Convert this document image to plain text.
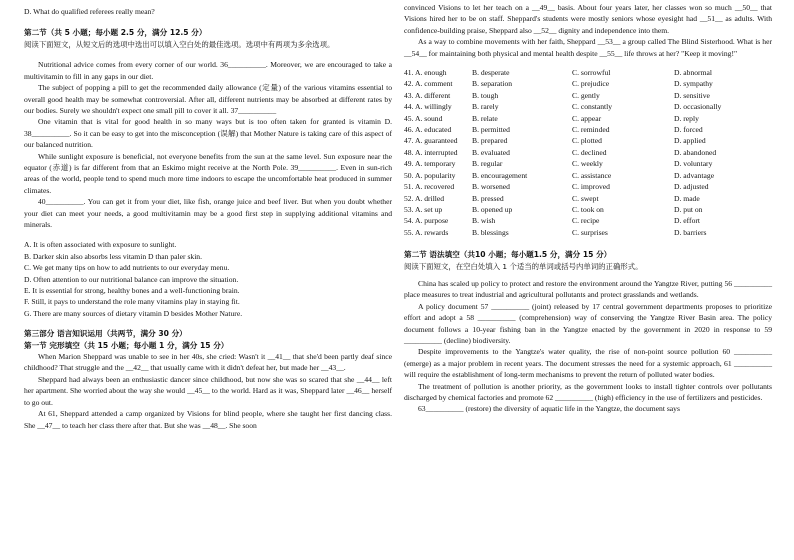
D. What do qualified referees really mean?

第二节（共 5 小题；每小题 2.5 分，满分 12.5 分）

阅读下面短文，从短文后的选项中选出可以填入空白处的最佳选项。选项中有两项为多余选项。

Nutritional advice comes from every corner of our world. 36__________. Moreover, we are encouraged to take a multivitamin to fill in any gaps in our diet.

The subject of popping a pill to get the recommended daily allowance (定量) of the various vitamins essential to overall good health may be somewhat controversial. After all, different nutrients may be absorbed at different rates by our bodies. Surely we shouldn't expect one small pill to cover it all. 37__________

One vitamin that is vital for good health in so many ways but is too often taken for granted is vitamin D. 38__________. So it can be easy to get into the misconception (误解) that Mother Nature is taking care of this aspect of our balanced nutrition.

While sunlight exposure is beneficial, not everyone benefits from the sun at the same level. Sun exposure near the equator (赤道) is far different from that an Eskimo might receive at the North Pole. 39__________. Even in sun-rich areas of the world, people tend to spend much more time indoors to escape the uncomfortable heat produced in summer climates.

40__________. You can get it from your diet, like fish, orange juice and beef liver. But when you doubt whether your diet can meet your needs, a good multivitamin may be a good first step in supplying additional vitamins and minerals.

A. It is often associated with exposure to sunlight.

B. Darker skin also absorbs less vitamin D than paler skin.

C. We get many tips on how to add nutrients to our everyday menu.

D. Often attention to our nutritional balance can improve the situation.

E. It is essential for strong, healthy bones and a well-functioning brain.

F. Still, it pays to understand the role many vitamins play in staying fit.

G. There are many sources of dietary vitamin D besides Mother Nature.

第三部分 语言知识运用（共两节，满分 30 分）

第一节 完形填空（共 15 小题；每小题 1 分，满分 15 分）

When Marion Sheppard was unable to see in her 40s, she cried: Wasn't it __41__ that she'd been partly deaf since childhood? That struggle and the __42__ that usually came with it didn't defeat her, but made her __43__.

Sheppard had always been an enthusiastic dancer since childhood, but now she was so scared that she __44__ left her apartment. She worried about the way she would __45__ to the world. Hard as it was, Sheppard later __46__ herself to go out.

At 61, Sheppard attended a camp organized by Visions for blind people, where she taught her first dancing class. She __47__ to teach her class there after that. But she was __48__. She soon

convinced Visions to let her teach on a __49__ basis. About four years later, her classes won so much __50__ that Visions hired her to be on staff. Sheppard's students were mostly seniors whose eyesight had __51__ as adults. With confidence-building praise, Sheppard also __52__ dignity and independence into them.

As a way to combine movements with her faith, Sheppard __53__ a group called The Blind Sisterhood. What is her __54__ for maintaining both physical and mental health despite __55__ life throws at her? "Keep it moving!"

41. A. enough	B. desperate	C. sorrowful	D. abnormal
42. A. comment	B. separation	C. prejudice	D. sympathy
43. A. different	B. tough	C. gently	D. sensitive
44. A. willingly	B. rarely	C. constantly	D. occasionally
45. A. sound	B. relate	C. appear	D. reply
46. A. educated	B. permitted	C. reminded	D. forced
47. A. guaranteed	B. prepared	C. plotted	D. applied
48. A. interrupted	B. evaluated	C. declined	D. abandoned
49. A. temporary	B. regular	C. weekly	D. voluntary
50. A. popularity	B. encouragement	C. assistance	D. advantage
51. A. recovered	B. worsened	C. improved	D. adjusted
52. A. drilled	B. pressed	C. swept	D. made
53. A. set up	B. opened up	C. took on	D. put on
54. A. purpose	B. wish	C. recipe	D. effort
55. A. rewards	B. blessings	C. surprises	D. barriers

第二节 语法填空（共10 小题；每小题1.5 分，满分 15 分）

阅读下面短文，在空白处填入 1 个适当的单词或括号内单词的正确形式。

China has scaled up policy to protect and restore the environment around the Yangtze River, putting 56 __________ place measures to treat industrial and agricultural pollutants and protect grasslands and wetlands.

A policy document 57 __________ (joint) released by 17 central government departments proposes to prioritize effort and adopt a 58 __________ (comprehension) way of conserving the Yangtze River Basin area. The policy document follows a 10-year fishing ban in the Yangtze enacted by the government in 2020 in response to 59 __________ (decline) biodiversity.

Despite improvements to the Yangtze's water quality, the rise of non-point source pollution 60 __________ (emerge) as a major problem in recent years. The document stresses the need for a systemic approach, 61 __________ will require the establishment of long-term mechanisms to prevent the return of polluted water bodies.

The treatment of pollution is another priority, as the government looks to install tighter controls over pollutants discharged by chemical factories and promote 62 __________ (high) efficiency in the use of fertilizers and pesticides.

63__________ (restore) the diversity of aquatic life in the Yangtze, the document says
